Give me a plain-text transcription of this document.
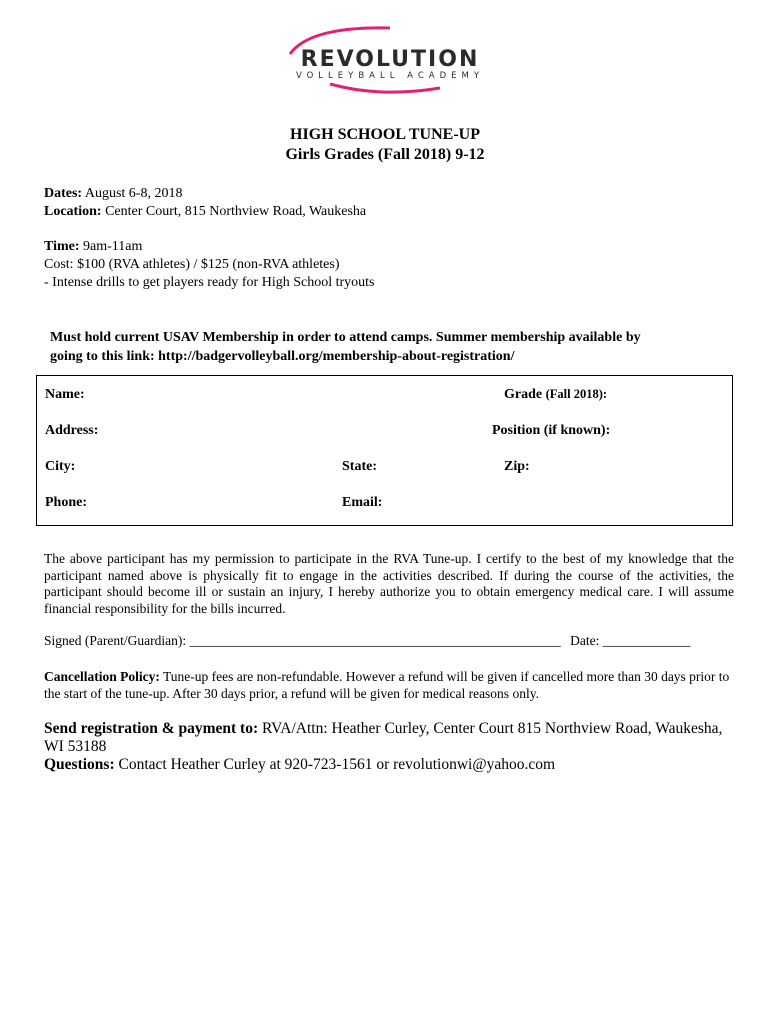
REVOLUTION
VOLLEYBALL ACADEMY
HIGH SCHOOL TUNE-UP
Girls Grades (Fall 2018) 9-12
Dates: August 6-8, 2018
Location: Center Court, 815 Northview Road, Waukesha
Time: 9am-11am
Cost: $100 (RVA athletes) / $125 (non-RVA athletes)
- Intense drills to get players ready for High School tryouts
Must hold current USAV Membership in order to attend camps. Summer membership available by
going to this link: http://badgervolleyball.org/membership-about-registration/
Name:	Grade (Fall 2018):
Address:	Position (if known):
City:	State:	Zip:
Phone:	Email:
The above participant has my permission to participate in the RVA Tune-up. I certify to the best of my knowledge that the participant named above is physically fit to engage in the activities described. If during the course of the activities, the participant should become ill or sustain an injury, I hereby authorize you to obtain emergency medical care. I will assume financial responsibility for the bills incurred.
Signed (Parent/Guardian): _______________________________________________________ Date: _____________
Cancellation Policy: Tune-up fees are non-refundable. However a refund will be given if cancelled more than 30 days prior to the start of the tune-up. After 30 days prior, a refund will be given for medical reasons only.
Send registration & payment to: RVA/Attn: Heather Curley, Center Court 815 Northview Road, Waukesha, WI 53188
Questions: Contact Heather Curley at 920-723-1561 or revolutionwi@yahoo.com
